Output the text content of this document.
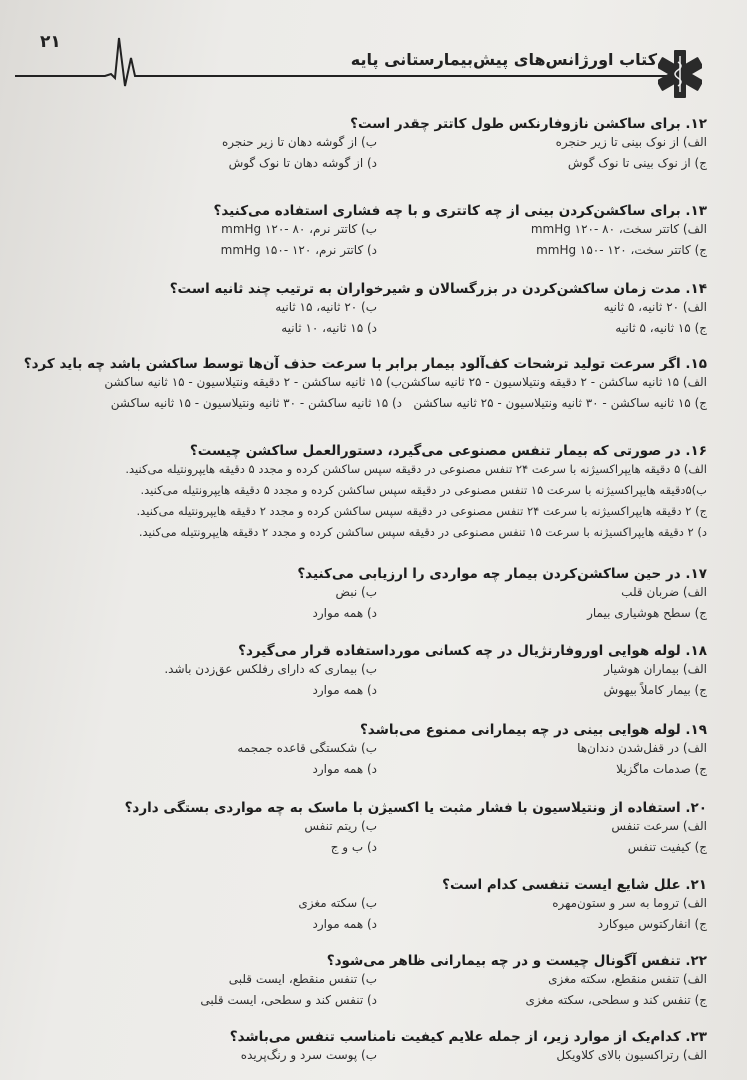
۲۱
کتاب اورژانس‌های پیش‌بیمارستانی پایه
۱۲. برای ساکشن نازوفارنکس طول کاتتر چقدر است؟
الف) از نوک بینی تا زیر حنجره
ب) از گوشه دهان تا زیر حنجره
ج) از نوک بینی تا نوک گوش
د) از گوشه دهان تا نوک گوش
۱۳. برای ساکشن‌کردن بینی از چه کاتتری و با چه فشاری استفاده می‌کنید؟
الف) کاتتر سخت، mmHg ۱۲۰- ۸۰
ب) کاتتر نرم، mmHg ۱۲۰- ۸۰
ج) کاتتر سخت، mmHg ۱۵۰- ۱۲۰
د) کاتتر نرم، mmHg ۱۵۰- ۱۲۰
۱۴. مدت زمان ساکشن‌کردن در بزرگسالان و شیرخواران به ترتیب چند ثانیه است؟
الف) ۲۰ ثانیه، ۵ ثانیه
ب) ۲۰ ثانیه، ۱۵ ثانیه
ج) ۱۵ ثانیه، ۵ ثانیه
د) ۱۵ ثانیه، ۱۰ ثانیه
۱۵. اگر سرعت تولید ترشحات کف‌آلود بیمار برابر با سرعت حذف آن‌ها توسط ساکشن باشد چه باید کرد؟
الف) ۱۵ ثانیه ساکشن - ۲ دقیقه ونتیلاسیون - ۲۵ ثانیه ساکشن
ب) ۱۵ ثانیه ساکشن - ۲ دقیقه ونتیلاسیون - ۱۵ ثانیه ساکشن
ج) ۱۵ ثانیه ساکشن - ۳۰ ثانیه ونتیلاسیون - ۲۵ ثانیه ساکشن
د) ۱۵ ثانیه ساکشن - ۳۰ ثانیه ونتیلاسیون - ۱۵ ثانیه ساکشن
۱۶. در صورتی که بیمار تنفس مصنوعی می‌گیرد، دستورالعمل ساکشن چیست؟
الف) ۵ دقیقه هایپراکسیژنه با سرعت ۲۴ تنفس مصنوعی در دقیقه سپس ساکشن کرده و مجدد ۵ دقیقه هایپرونتیله می‌کنید.
ب)۵دقیقه هایپراکسیژنه با سرعت ۱۵ تنفس مصنوعی در دقیقه سپس ساکشن کرده و مجدد ۵ دقیقه هایپرونتیله می‌کنید.
ج) ۲ دقیقه هایپراکسیژنه با سرعت ۲۴ تنفس مصنوعی در دقیقه سپس ساکشن کرده و مجدد ۲ دقیقه هایپرونتیله می‌کنید.
د) ۲ دقیقه هایپراکسیژنه با سرعت ۱۵ تنفس مصنوعی در دقیقه سپس ساکشن کرده و مجدد ۲ دقیقه هایپرونتیله می‌کنید.
۱۷. در حین ساکشن‌کردن بیمار چه مواردی را ارزیابی می‌کنید؟
الف) ضربان قلب
ب) نبض
ج) سطح هوشیاری بیمار
د) همه موارد
۱۸. لوله هوایی اوروفارنژیال در چه کسانی مورداستفاده قرار می‌گیرد؟
الف) بیماران هوشیار
ب) بیماری که دارای رفلکس عق‌زدن باشد.
ج) بیمار کاملاً بیهوش
د) همه موارد
۱۹. لوله هوایی بینی در چه بیمارانی ممنوع می‌باشد؟
الف) در قفل‌شدن دندان‌ها
ب) شکستگی قاعده جمجمه
ج) صدمات ماگزیلا
د) همه موارد
۲۰. استفاده از ونتیلاسیون با فشار مثبت یا اکسیژن با ماسک به چه مواردی بستگی دارد؟
الف) سرعت تنفس
ب) ریتم تنفس
ج) کیفیت تنفس
د) ب و ج
۲۱. علل شایع ایست تنفسی کدام است؟
الف) تروما به سر و ستون‌مهره
ب) سکته مغزی
ج) انفارکتوس میوکارد
د) همه موارد
۲۲. تنفس آگونال چیست و در چه بیمارانی ظاهر می‌شود؟
الف) تنفس منقطع، سکته مغزی
ب) تنفس منقطع، ایست قلبی
ج) تنفس کند و سطحی، سکته مغزی
د) تنفس کند و سطحی، ایست قلبی
۲۳. کدام‌یک از موارد زیر، از جمله علایم کیفیت نامناسب تنفس می‌باشد؟
الف) رتراکسیون بالای کلاویکل
ب) پوست سرد و رنگ‌پریده
